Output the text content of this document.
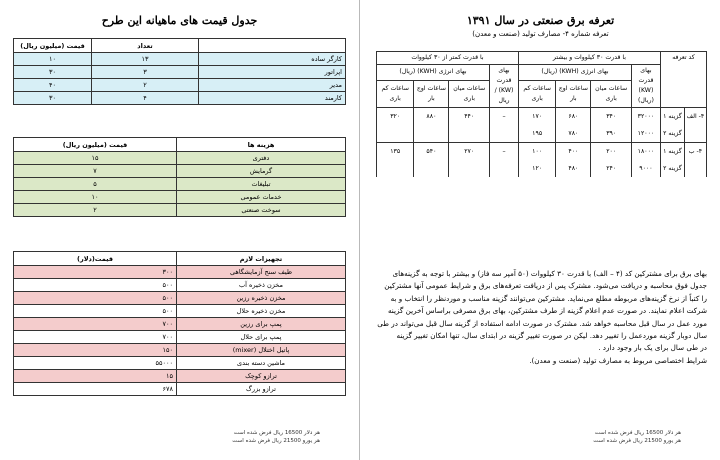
جدول قیمت های ماهیانه این طرح
	تعداد	قیمت (میلیون ریال)
کارگر ساده	۱۳	۱۰
اپراتور	۳	۳۰
مدیر	۲	۴۰
کارمند	۴	۳۰
هزینه ها	قیمت (میلیون ریال)
دفتری	۱۵
گرمایش	۷
تبلیغات	۵
خدمات عمومی	۱۰
سوخت صنعتی	۲
تجهیزات لازم	قیمت(دلار)
ظیف سنج آزمایشگاهی	۳۰۰
مخزن ذخیره آب	۵۰۰
مخزن ذخیره رزین	۵۰۰
مخزن ذخیره حلال	۵۰۰
پمپ برای رزین	۷۰۰
پمپ برای حلال	۷۰۰
پاتیل اختلال (mixer)	۱۵۰
ماشین دسته بندی	۵۵۰۰۰
ترازو کوچک	۱۵
ترازو بزرگ	۶۷۸
هر دلار 16500 ریال فرض شده است
هر یورو 21500 ریال فرض شده است
تعرفه برق صنعتی در سال ۱۳۹۱
تعرفه شماره ۴- مصارف تولید (صنعت و معدن)
کد تعرفه		با قدرت ۳۰ کیلووات و بیشتر				با قدرت کمتر از ۳۰ کیلووات			
		بهای قدرت (KW) (ریال)	بهای انرژی (KWH) (ریال)			بهای قدرت (KW) / ریال	بهای انرژی (KWH) (ریال)		
			ساعات میان باری	ساعات اوج بار	ساعات کم باری		ساعات میان باری	ساعات اوج بار	ساعات کم باری
۴- الف	گزینه ۱	۳۲۰۰۰	۳۴۰	۶۸۰	۱۷۰	–	۴۴۰	۸۸۰	۳۲۰
	گزینه ۲	۱۲۰۰۰	۳۹۰	۷۸۰	۱۹۵				
۴- ب	گزینه ۱	۱۸۰۰۰	۲۰۰	۴۰۰	۱۰۰	–	۲۷۰	۵۴۰	۱۳۵
	گزینه ۲	۹۰۰۰	۲۴۰	۴۸۰	۱۲۰				

بهای برق برای مشترکین کد (۴ – الف) با قدرت ۳۰ کیلووات (۵۰ آمپر سه فاز) و بیشتر با توجه به گزینه‌های

جدول فوق محاسبه و دریافت می‌شود. مشترک پس از دریافت تعرفه‌های برق و شرایط عمومی آنها مشترکین

را کتباً از نرخ گزینه‌های مربوطه مطلع می‌نماید. مشترکین می‌توانند گزینه مناسب و موردنظر را انتخاب و به

شرکت اعلام نمایند. در صورت عدم اعلام گزینه از طرف مشترکین، بهای برق مصرفی براساس آخرین گزینه

مورد عمل در سال قبل محاسبه خواهد شد. مشترک در صورت ادامه استفاده از گزینه سال قبل می‌تواند در طی

سال دوبار گزینه موردعمل را تغییر دهد. لیکن در صورت تغییر گزینه در ابتدای سال، تنها امکان تغییر گزینه

در طی سال برای یک بار وجود دارد .

شرایط اختصاصی مربوط به مصارف تولید (صنعت و معدن).

هر دلار 16500 ریال فرض شده است
هر یورو 21500 ریال فرض شده است
